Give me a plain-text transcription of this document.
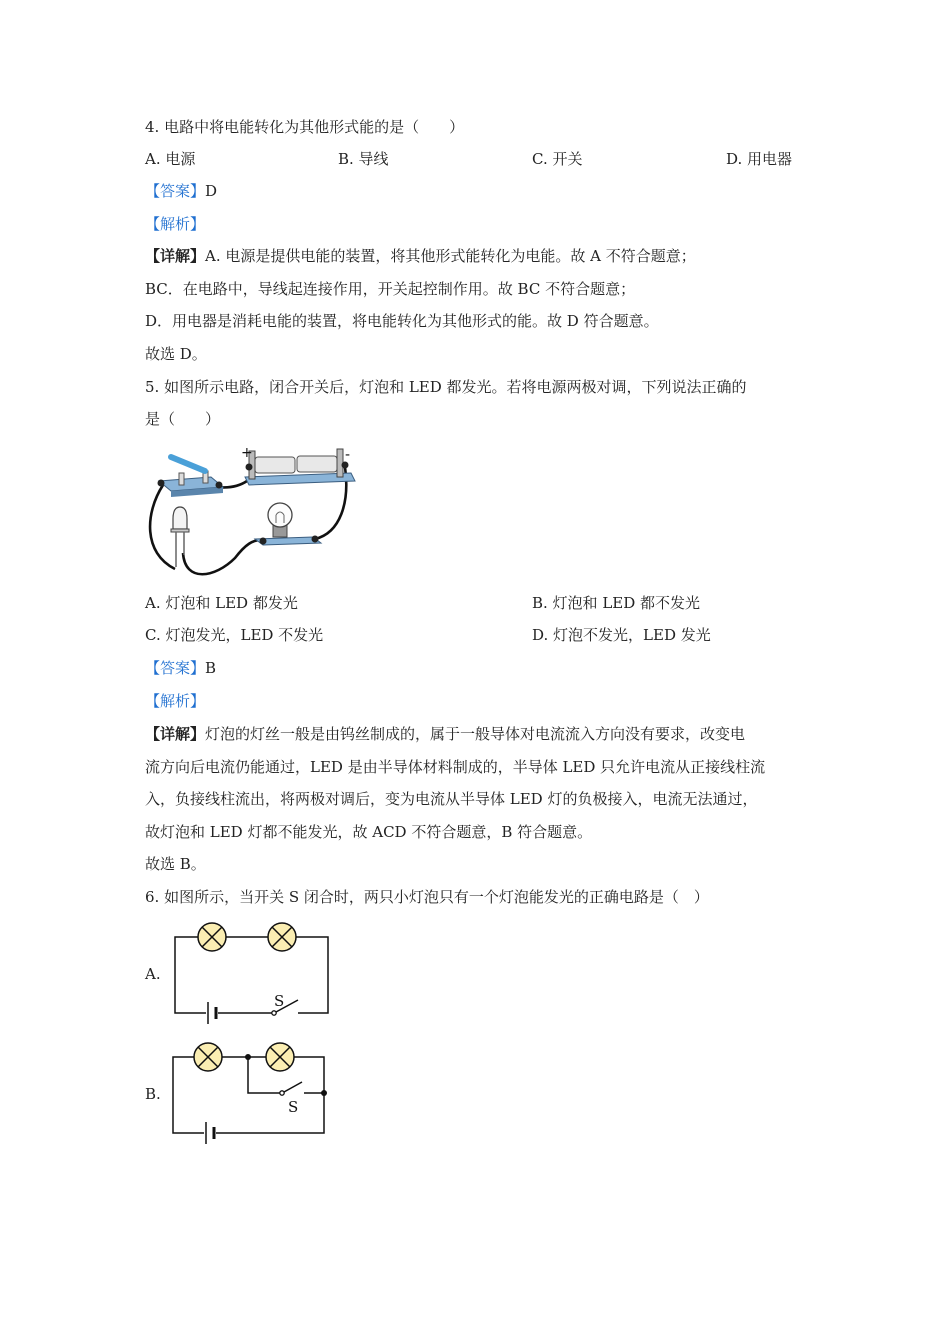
4. 电路中将电能转化为其他形式能的是（　　）
A. 电源	B. 导线	C. 开关	D. 用电器
【答案】D
【解析】
【详解】A. 电源是提供电能的装置，将其他形式能转化为电能。故 A 不符合题意；
BC．在电路中，导线起连接作用，开关起控制作用。故 BC 不符合题意；
D．用电器是消耗电能的装置，将电能转化为其他形式的能。故 D 符合题意。
故选 D。
5. 如图所示电路，闭合开关后，灯泡和 LED 都发光。若将电源两极对调，下列说法正确的
是（　　）
+	-
A. 灯泡和 LED 都发光	B. 灯泡和 LED 都不发光
C. 灯泡发光，LED 不发光	D. 灯泡不发光，LED 发光
【答案】B
【解析】
【详解】灯泡的灯丝一般是由钨丝制成的，属于一般导体对电流流入方向没有要求，改变电
流方向后电流仍能通过，LED 是由半导体材料制成的，半导体 LED 只允许电流从正接线柱流
入，负接线柱流出，将两极对调后，变为电流从半导体 LED 灯的负极接入，电流无法通过，
故灯泡和 LED 灯都不能发光，故 ACD 不符合题意，B 符合题意。
故选 B。
6. 如图所示，当开关 S 闭合时，两只小灯泡只有一个灯泡能发光的正确电路是（　）
A.
S
B.
S
